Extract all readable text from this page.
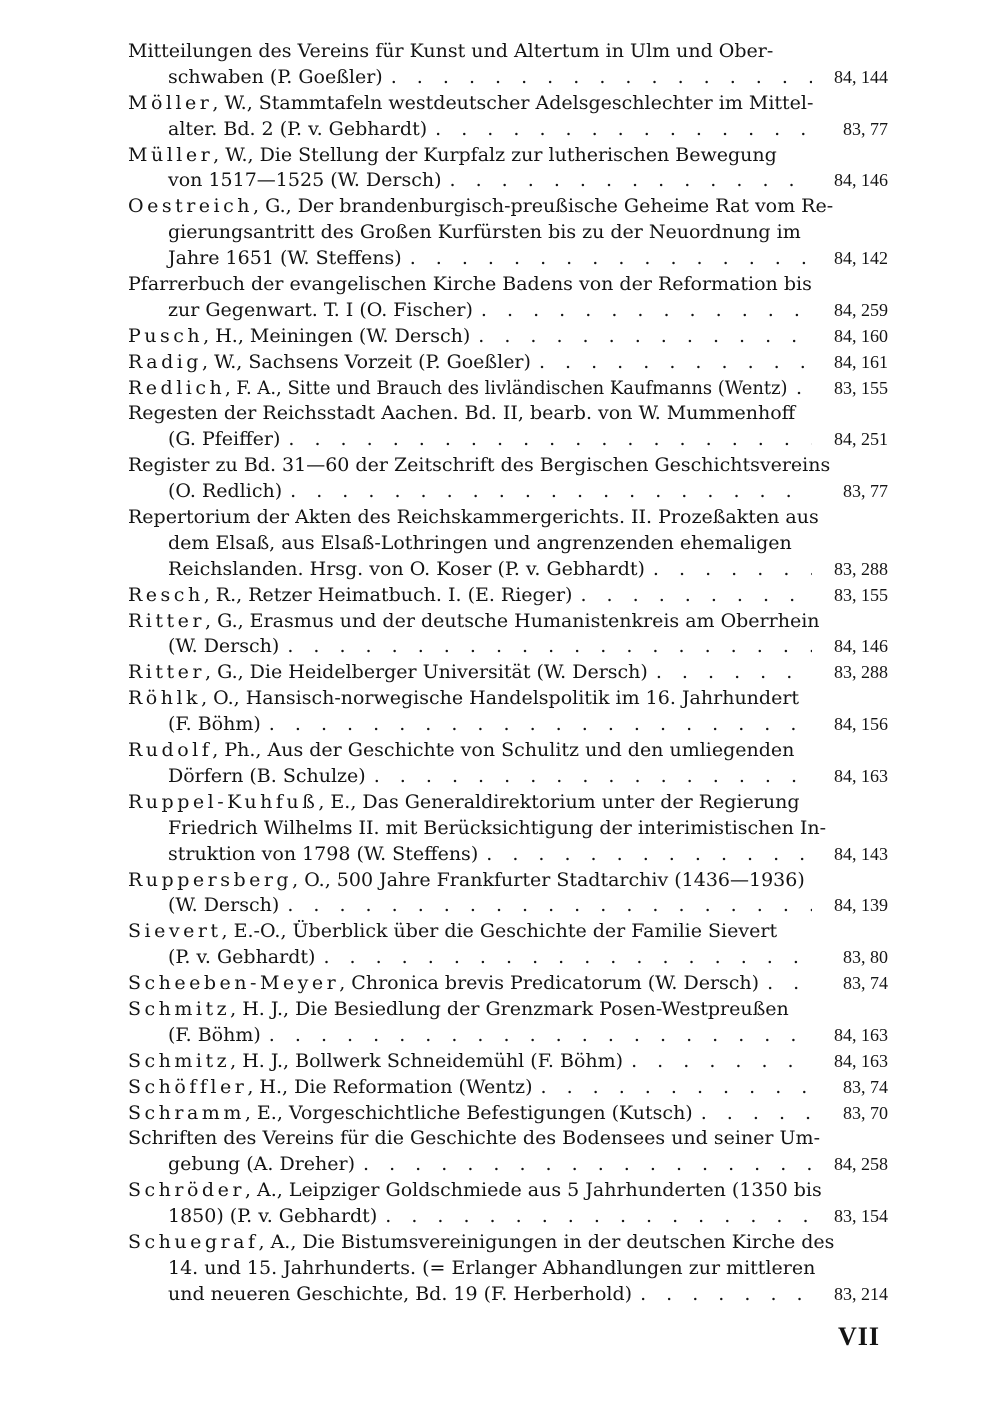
Mitteilungen des Vereins für Kunst und Altertum in Ulm und Ober-
schwaben (P. Goeßler) . . .	84, 144
Möller , W., Stammtafeln westdeutscher Adelsgeschlechter im Mittel-
alter. Bd. 2 (P. v. Gebhardt) . . .	83, 77
Müller , W., Die Stellung der Kurpfalz zur lutherischen Bewegung
von 1517—1525 (W. Dersch) . . .	84, 146
Oestreich , G., Der brandenburgisch-preußische Geheime Rat vom Re-
gierungsantritt des Großen Kurfürsten bis zu der Neuordnung im
Jahre 1651 (W. Steffens) . . .	84, 142
Pfarrerbuch der evangelischen Kirche Badens von der Reformation bis
zur Gegenwart. T. I (O. Fischer) . . .	84, 259
Pusch , H., Meiningen (W. Dersch) . . .	84, 160
Radig , W., Sachsens Vorzeit (P. Goeßler) . . .	84, 161
Redlich , F. A., Sitte und Brauch des livländischen Kaufmanns (Wentz) . . .	83, 155
Regesten der Reichsstadt Aachen. Bd. II, bearb. von W. Mummenhoff
(G. Pfeiffer) . . .	84, 251
Register zu Bd. 31—60 der Zeitschrift des Bergischen Geschichtsvereins
(O. Redlich) . . .	83, 77
Repertorium der Akten des Reichskammergerichts. II. Prozeßakten aus
dem Elsaß, aus Elsaß-Lothringen und angrenzenden ehemaligen
Reichslanden. Hrsg. von O. Koser (P. v. Gebhardt) . . .	83, 288
Resch , R., Retzer Heimatbuch. I. (E. Rieger) . . .	83, 155
Ritter , G., Erasmus und der deutsche Humanistenkreis am Oberrhein
(W. Dersch) . . .	84, 146
Ritter , G., Die Heidelberger Universität (W. Dersch) . . .	83, 288
Röhlk , O., Hansisch-norwegische Handelspolitik im 16. Jahrhundert
(F. Böhm) . . .	84, 156
Rudolf , Ph., Aus der Geschichte von Schulitz und den umliegenden
Dörfern (B. Schulze) . . .	84, 163
Ruppel-Kuhfuß , E., Das Generaldirektorium unter der Regierung
Friedrich Wilhelms II. mit Berücksichtigung der interimistischen In-
struktion von 1798 (W. Steffens) . . .	84, 143
Ruppersberg , O., 500 Jahre Frankfurter Stadtarchiv (1436—1936)
(W. Dersch) . . .	84, 139
Sievert , E.-O., Überblick über die Geschichte der Familie Sievert
(P. v. Gebhardt) . . .	83, 80
Scheeben-Meyer , Chronica brevis Predicatorum (W. Dersch) . . .	83, 74
Schmitz , H. J., Die Besiedlung der Grenzmark Posen-Westpreußen
(F. Böhm) . . .	84, 163
Schmitz , H. J., Bollwerk Schneidemühl (F. Böhm) . . .	84, 163
Schöffler , H., Die Reformation (Wentz) . . .	83, 74
Schramm , E., Vorgeschichtliche Befestigungen (Kutsch) . . .	83, 70
Schriften des Vereins für die Geschichte des Bodensees und seiner Um-
gebung (A. Dreher) . . .	84, 258
Schröder , A., Leipziger Goldschmiede aus 5 Jahrhunderten (1350 bis
1850) (P. v. Gebhardt) . . .	83, 154
Schuegraf , A., Die Bistumsvereinigungen in der deutschen Kirche des
14. und 15. Jahrhunderts. (= Erlanger Abhandlungen zur mittleren
und neueren Geschichte, Bd. 19 (F. Herberhold) . . .	83, 214
VII
